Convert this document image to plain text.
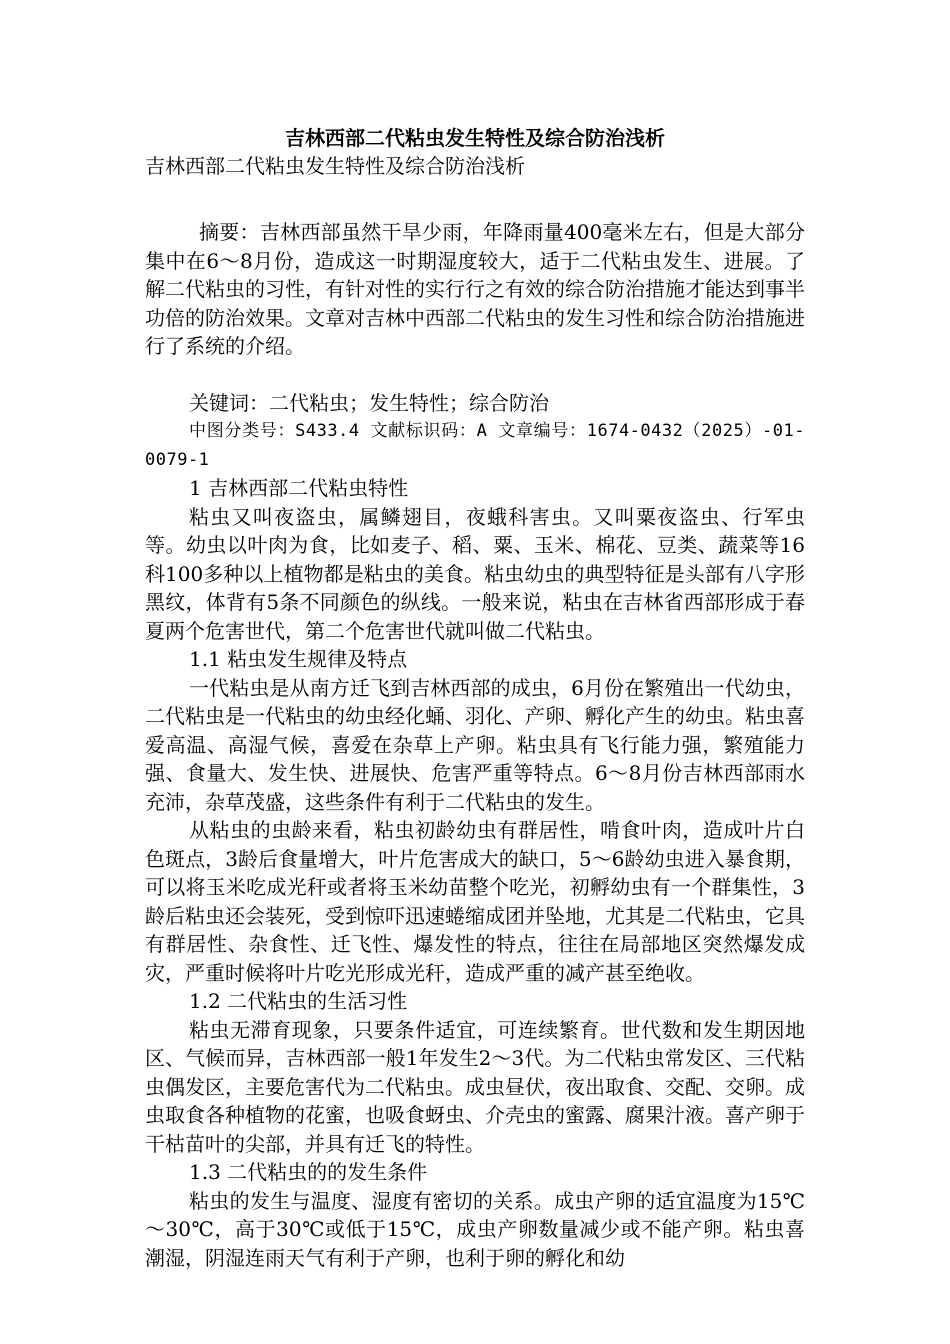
吉林西部二代粘虫发生特性及综合防治浅析

吉林西部二代粘虫发生特性及综合防治浅析

摘要：吉林西部虽然干旱少雨，年降雨量400毫米左右，但是大部分集中在6～8月份，造成这一时期湿度较大，适于二代粘虫发生、进展。了解二代粘虫的习性，有针对性的实行行之有效的综合防治措施才能达到事半功倍的防治效果。文章对吉林中西部二代粘虫的发生习性和综合防治措施进行了系统的介绍。

关键词：二代粘虫；发生特性；综合防治

中图分类号：S433.4 文献标识码：A 文章编号：1674-0432（2025）-01-0079-1

1 吉林西部二代粘虫特性

粘虫又叫夜盗虫，属鳞翅目，夜蛾科害虫。又叫粟夜盗虫、行军虫等。幼虫以叶肉为食，比如麦子、稻、粟、玉米、棉花、豆类、蔬菜等16科100多种以上植物都是粘虫的美食。粘虫幼虫的典型特征是头部有八字形黑纹，体背有5条不同颜色的纵线。一般来说，粘虫在吉林省西部形成于春夏两个危害世代，第二个危害世代就叫做二代粘虫。

1.1 粘虫发生规律及特点

一代粘虫是从南方迁飞到吉林西部的成虫，6月份在繁殖出一代幼虫，二代粘虫是一代粘虫的幼虫经化蛹、羽化、产卵、孵化产生的幼虫。粘虫喜爱高温、高湿气候，喜爱在杂草上产卵。粘虫具有飞行能力强，繁殖能力强、食量大、发生快、进展快、危害严重等特点。6～8月份吉林西部雨水充沛，杂草茂盛，这些条件有利于二代粘虫的发生。

从粘虫的虫龄来看，粘虫初龄幼虫有群居性，啃食叶肉，造成叶片白色斑点，3龄后食量增大，叶片危害成大的缺口，5～6龄幼虫进入暴食期，可以将玉米吃成光秆或者将玉米幼苗整个吃光，初孵幼虫有一个群集性，3龄后粘虫还会装死，受到惊吓迅速蜷缩成团并坠地，尤其是二代粘虫，它具有群居性、杂食性、迁飞性、爆发性的特点，往往在局部地区突然爆发成灾，严重时候将叶片吃光形成光秆，造成严重的减产甚至绝收。

1.2 二代粘虫的生活习性

粘虫无滞育现象，只要条件适宜，可连续繁育。世代数和发生期因地区、气候而异，吉林西部一般1年发生2～3代。为二代粘虫常发区、三代粘虫偶发区，主要危害代为二代粘虫。成虫昼伏，夜出取食、交配、交卵。成虫取食各种植物的花蜜，也吸食蚜虫、介壳虫的蜜露、腐果汁液。喜产卵于干枯苗叶的尖部，并具有迁飞的特性。

1.3 二代粘虫的的发生条件

粘虫的发生与温度、湿度有密切的关系。成虫产卵的适宜温度为15℃～30℃，高于30℃或低于15℃，成虫产卵数量减少或不能产卵。粘虫喜潮湿，阴湿连雨天气有利于产卵，也利于卵的孵化和幼
